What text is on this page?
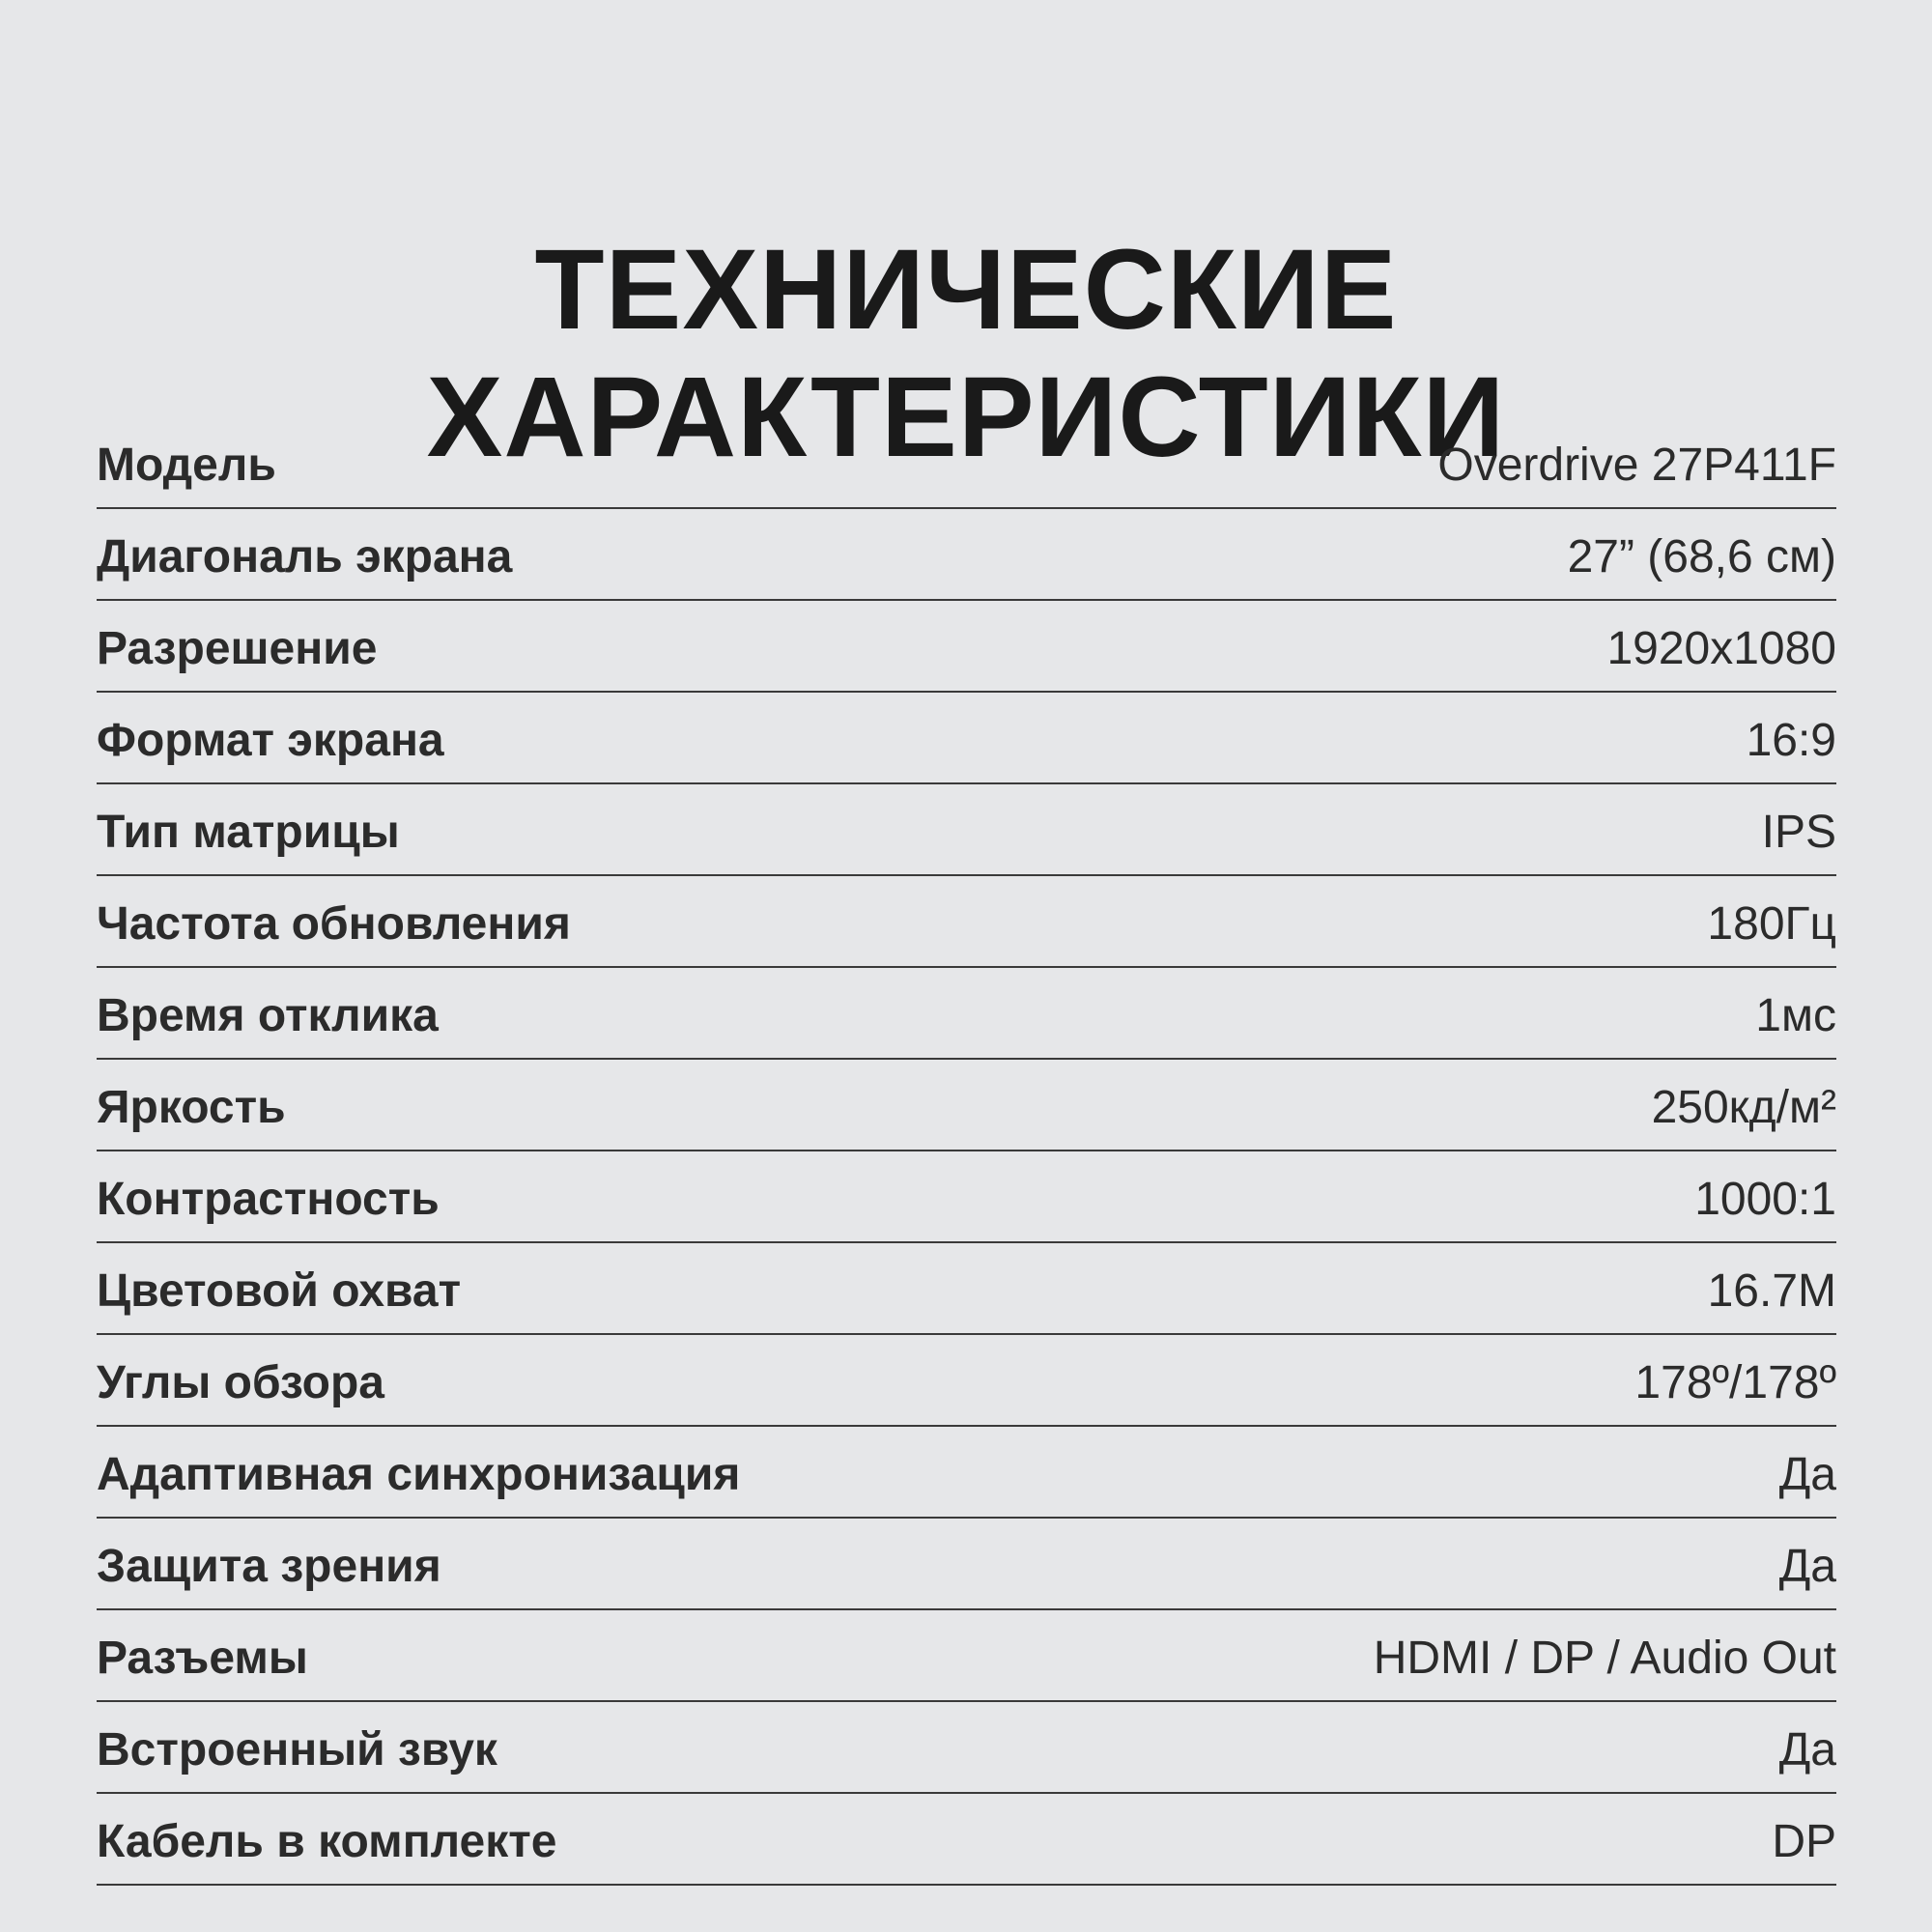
ТЕХНИЧЕСКИЕ
ХАРАКТЕРИСТИКИ
Модель	Overdrive 27P411F
Диагональ экрана	27” (68,6 см)
Разрешение	1920x1080
Формат экрана	16:9
Тип матрицы	IPS
Частота обновления	180Гц
Время отклика	1мс
Яркость	250кд/м²
Контрастность	1000:1
Цветовой охват	16.7M
Углы обзора	178º/178º
Адаптивная синхронизация	Да
Защита зрения	Да
Разъемы	HDMI / DP / Audio Out
Встроенный звук	Да
Кабель в комплекте	DP
